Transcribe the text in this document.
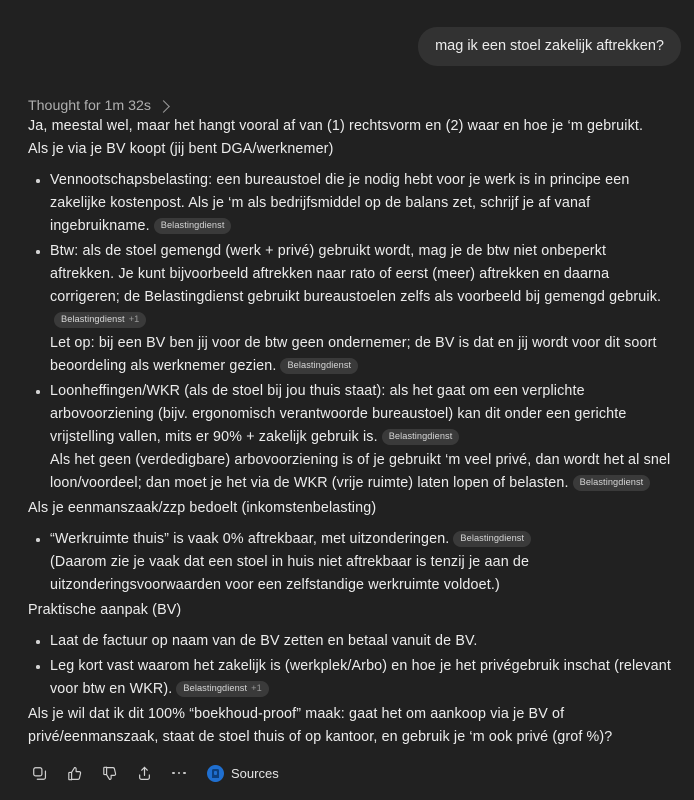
mag ik een stoel zakelijk aftrekken?
Thought for 1m 32s

Ja, meestal wel, maar het hangt vooral af van (1) rechtsvorm en (2) waar en hoe je ‘m gebruikt.

Als je via je BV koopt (jij bent DGA/werknemer)

Vennootschapsbelasting: een bureaustoel die je nodig hebt voor je werk is in principe een zakelijke kostenpost. Als je ‘m als bedrijfsmiddel op de balans zet, schrijf je af vanaf ingebruikname. Belastingdienst
Btw: als de stoel gemengd (werk + privé) gebruikt wordt, mag je de btw niet onbeperkt aftrekken. Je kunt bijvoorbeeld aftrekken naar rato of eerst (meer) aftrekken en daarna corrigeren; de Belastingdienst gebruikt bureaustoelen zelfs als voorbeeld bij gemengd gebruik.
Belastingdienst +1
Let op: bij een BV ben jij voor de btw geen ondernemer; de BV is dat en jij wordt voor dit soort beoordeling als werknemer gezien. Belastingdienst
Loonheffingen/WKR (als de stoel bij jou thuis staat): als het gaat om een verplichte arbovoorziening (bijv. ergonomisch verantwoorde bureaustoel) kan dit onder een gerichte vrijstelling vallen, mits er 90% + zakelijk gebruik is. Belastingdienst
Als het geen (verdedigbare) arbovoorziening is of je gebruikt ‘m veel privé, dan wordt het al snel loon/voordeel; dan moet je het via de WKR (vrije ruimte) laten lopen of belasten. Belastingdienst

Als je eenmanszaak/zzp bedoelt (inkomstenbelasting)

“Werkruimte thuis” is vaak 0% aftrekbaar, met uitzonderingen. Belastingdienst
(Daarom zie je vaak dat een stoel in huis niet aftrekbaar is tenzij je aan de uitzonderingsvoorwaarden voor een zelfstandige werkruimte voldoet.)

Praktische aanpak (BV)

Laat de factuur op naam van de BV zetten en betaal vanuit de BV.
Leg kort vast waarom het zakelijk is (werkplek/Arbo) en hoe je het privégebruik inschat (relevant voor btw en WKR). Belastingdienst +1

Als je wil dat ik dit 100% “boekhoud-proof” maak: gaat het om aankoop via je BV of privé/eenmanszaak, staat de stoel thuis of op kantoor, en gebruik je ‘m ook privé (grof %)?

Sources
